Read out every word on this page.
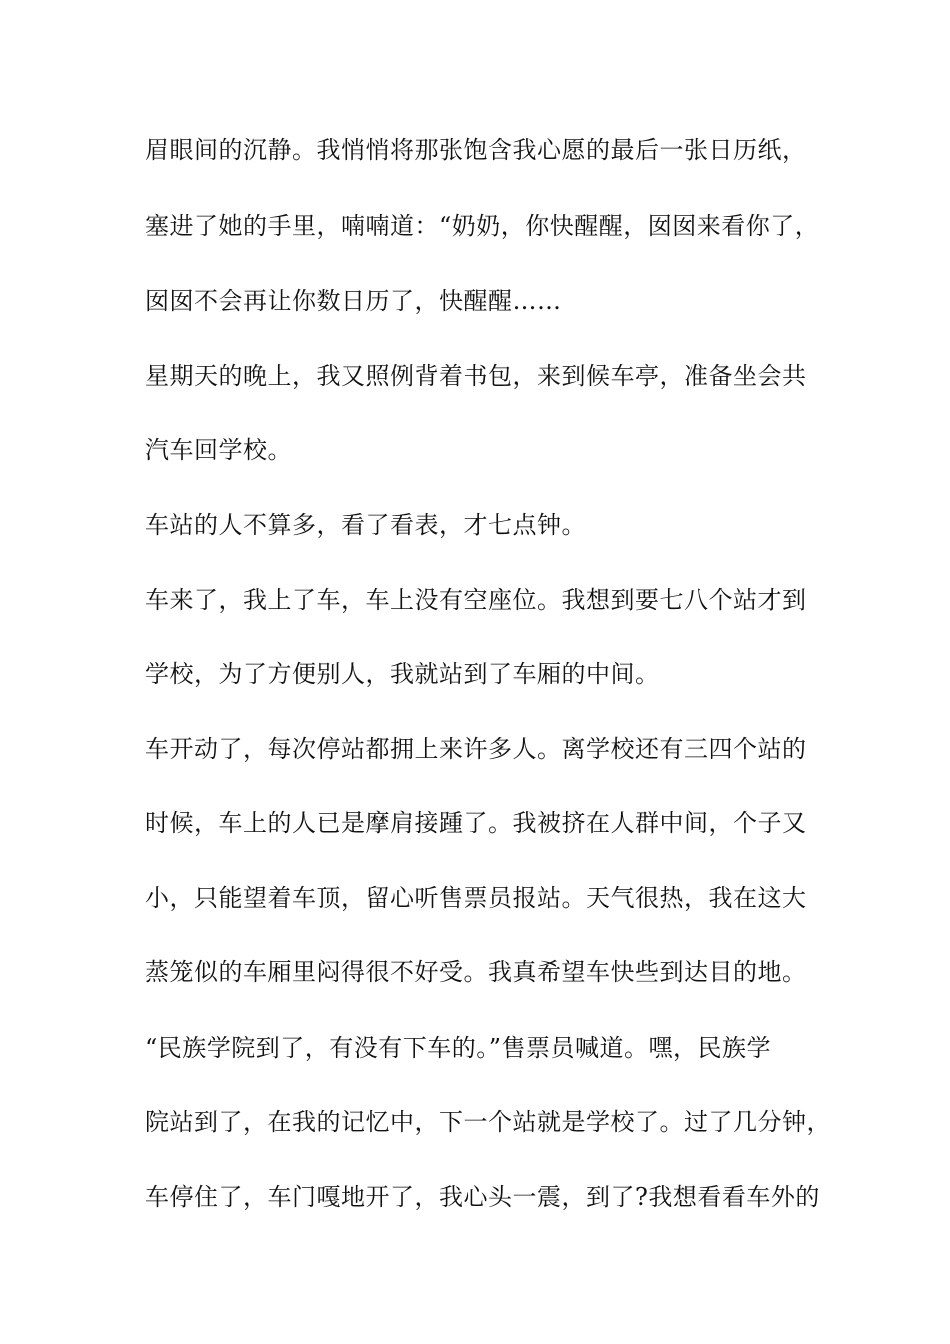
眉眼间的沉静。我悄悄将那张饱含我心愿的最后一张日历纸，
塞进了她的手里，喃喃道：“奶奶，你快醒醒，囡囡来看你了，
囡囡不会再让你数日历了，快醒醒……
星期天的晚上，我又照例背着书包，来到候车亭，准备坐会共
汽车回学校。
车站的人不算多，看了看表，才七点钟。
车来了，我上了车，车上没有空座位。我想到要七八个站才到
学校，为了方便别人，我就站到了车厢的中间。
车开动了，每次停站都拥上来许多人。离学校还有三四个站的
时候，车上的人已是摩肩接踵了。我被挤在人群中间，个子又
小，只能望着车顶，留心听售票员报站。天气很热，我在这大
蒸笼似的车厢里闷得很不好受。我真希望车快些到达目的地。
“民族学院到了，有没有下车的。”售票员喊道。嘿，民族学
院站到了，在我的记忆中，下一个站就是学校了。过了几分钟，
车停住了，车门嘎地开了，我心头一震，到了?我想看看车外的
